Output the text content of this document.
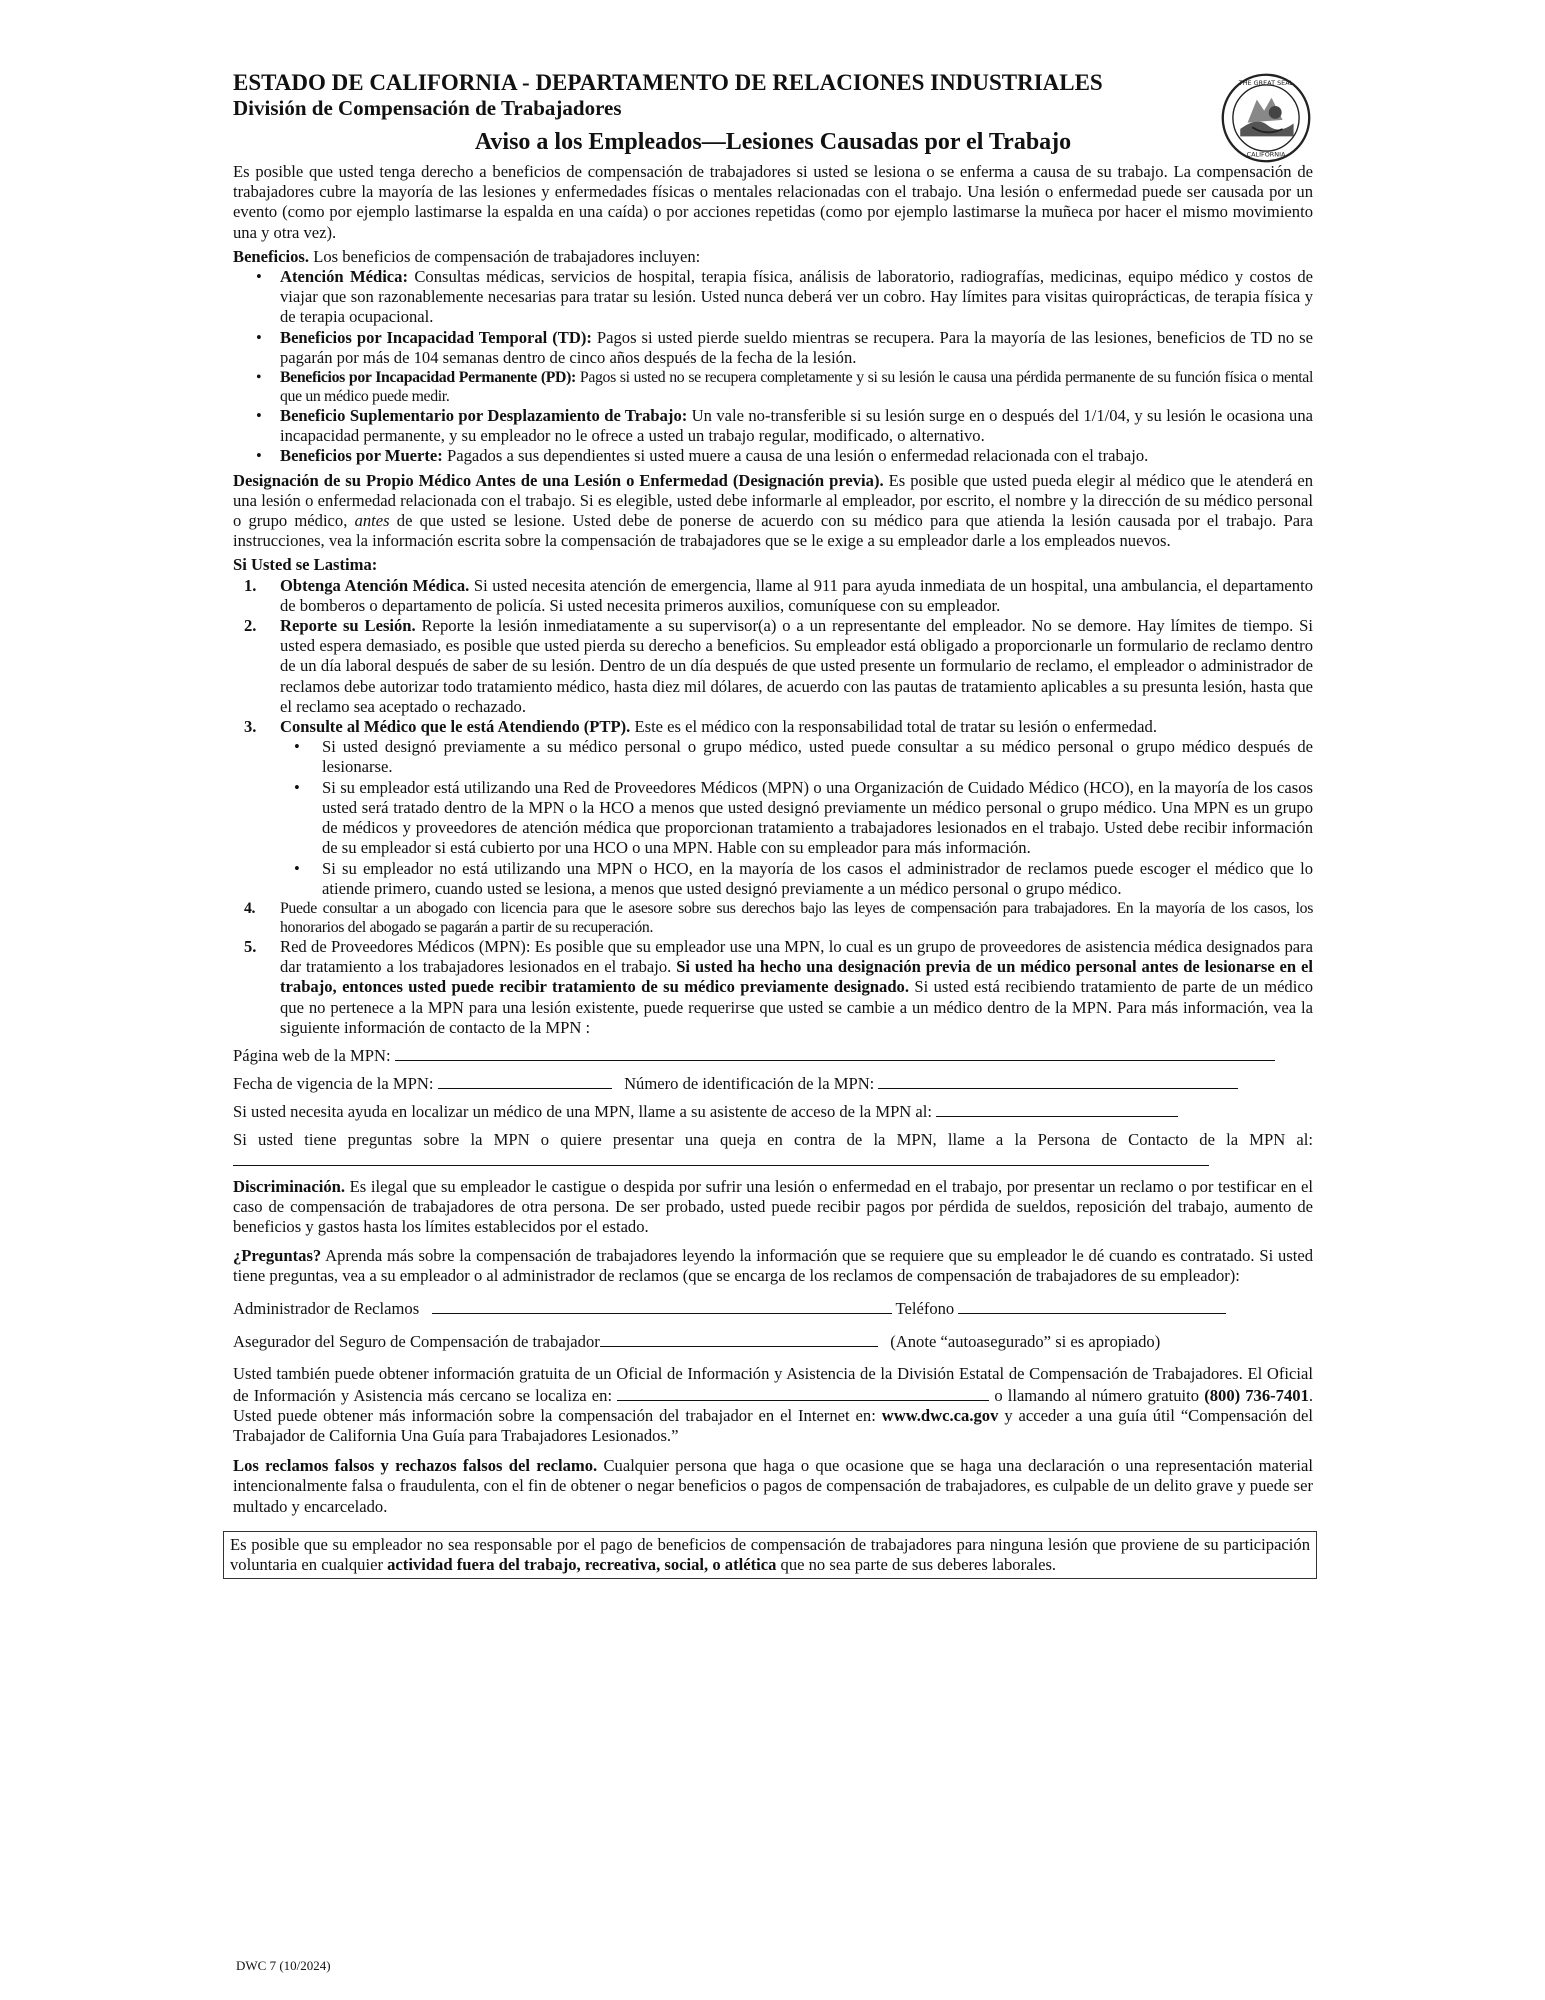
THE GREAT SEAL
CALIFORNIA
ESTADO DE CALIFORNIA - DEPARTAMENTO DE RELACIONES INDUSTRIALES
División de Compensación de Trabajadores
Aviso a los Empleados—Lesiones Causadas por el Trabajo

Es posible que usted tenga derecho a beneficios de compensación de trabajadores si usted se lesiona o se enferma a causa de su trabajo. La compensación de trabajadores cubre la mayoría de las lesiones y enfermedades físicas o mentales relacionadas con el trabajo. Una lesión o enfermedad puede ser causada por un evento (como por ejemplo lastimarse la espalda en una caída) o por acciones repetidas (como por ejemplo lastimarse la muñeca por hacer el mismo movimiento una y otra vez).

Beneficios. Los beneficios de compensación de trabajadores incluyen:

• Atención Médica: Consultas médicas, servicios de hospital, terapia física, análisis de laboratorio, radiografías, medicinas, equipo médico y costos de viajar que son razonablemente necesarias para tratar su lesión. Usted nunca deberá ver un cobro. Hay límites para visitas quiroprácticas, de terapia física y de terapia ocupacional.
• Beneficios por Incapacidad Temporal (TD): Pagos si usted pierde sueldo mientras se recupera. Para la mayoría de las lesiones, beneficios de TD no se pagarán por más de 104 semanas dentro de cinco años después de la fecha de la lesión.
• Beneficios por Incapacidad Permanente (PD): Pagos si usted no se recupera completamente y si su lesión le causa una pérdida permanente de su función física o mental que un médico puede medir.
• Beneficio Suplementario por Desplazamiento de Trabajo: Un vale no-transferible si su lesión surge en o después del 1/1/04, y su lesión le ocasiona una incapacidad permanente, y su empleador no le ofrece a usted un trabajo regular, modificado, o alternativo.
• Beneficios por Muerte: Pagados a sus dependientes si usted muere a causa de una lesión o enfermedad relacionada con el trabajo.

Designación de su Propio Médico Antes de una Lesión o Enfermedad (Designación previa). Es posible que usted pueda elegir al médico que le atenderá en una lesión o enfermedad relacionada con el trabajo. Si es elegible, usted debe informarle al empleador, por escrito, el nombre y la dirección de su médico personal o grupo médico, antes de que usted se lesione. Usted debe de ponerse de acuerdo con su médico para que atienda la lesión causada por el trabajo. Para instrucciones, vea la información escrita sobre la compensación de trabajadores que se le exige a su empleador darle a los empleados nuevos.

Si Usted se Lastima:

1. Obtenga Atención Médica. Si usted necesita atención de emergencia, llame al 911 para ayuda inmediata de un hospital, una ambulancia, el departamento de bomberos o departamento de policía. Si usted necesita primeros auxilios, comuníquese con su empleador.
2. Reporte su Lesión. Reporte la lesión inmediatamente a su supervisor(a) o a un representante del empleador. No se demore. Hay límites de tiempo. Si usted espera demasiado, es posible que usted pierda su derecho a beneficios. Su empleador está obligado a proporcionarle un formulario de reclamo dentro de un día laboral después de saber de su lesión. Dentro de un día después de que usted presente un formulario de reclamo, el empleador o administrador de reclamos debe autorizar todo tratamiento médico, hasta diez mil dólares, de acuerdo con las pautas de tratamiento aplicables a su presunta lesión, hasta que el reclamo sea aceptado o rechazado.
3. Consulte al Médico que le está Atendiendo (PTP). Este es el médico con la responsabilidad total de tratar su lesión o enfermedad.
• Si usted designó previamente a su médico personal o grupo médico, usted puede consultar a su médico personal o grupo médico después de lesionarse.
• Si su empleador está utilizando una Red de Proveedores Médicos (MPN) o una Organización de Cuidado Médico (HCO), en la mayoría de los casos usted será tratado dentro de la MPN o la HCO a menos que usted designó previamente un médico personal o grupo médico. Una MPN es un grupo de médicos y proveedores de atención médica que proporcionan tratamiento a trabajadores lesionados en el trabajo. Usted debe recibir información de su empleador si está cubierto por una HCO o una MPN. Hable con su empleador para más información.
• Si su empleador no está utilizando una MPN o HCO, en la mayoría de los casos el administrador de reclamos puede escoger el médico que lo atiende primero, cuando usted se lesiona, a menos que usted designó previamente a un médico personal o grupo médico.
4. Puede consultar a un abogado con licencia para que le asesore sobre sus derechos bajo las leyes de compensación para trabajadores. En la mayoría de los casos, los honorarios del abogado se pagarán a partir de su recuperación.
5. Red de Proveedores Médicos (MPN): Es posible que su empleador use una MPN, lo cual es un grupo de proveedores de asistencia médica designados para dar tratamiento a los trabajadores lesionados en el trabajo. Si usted ha hecho una designación previa de un médico personal antes de lesionarse en el trabajo, entonces usted puede recibir tratamiento de su médico previamente designado. Si usted está recibiendo tratamiento de parte de un médico que no pertenece a la MPN para una lesión existente, puede requerirse que usted se cambie a un médico dentro de la MPN. Para más información, vea la siguiente información de contacto de la MPN :
Página web de la MPN:
Fecha de vigencia de la MPN:	Número de identificación de la MPN:
Si usted necesita ayuda en localizar un médico de una MPN, llame a su asistente de acceso de la MPN al:

Si usted tiene preguntas sobre la MPN o quiere presentar una queja en contra de la MPN, llame a la Persona de Contacto de la MPN al:

Discriminación. Es ilegal que su empleador le castigue o despida por sufrir una lesión o enfermedad en el trabajo, por presentar un reclamo o por testificar en el caso de compensación de trabajadores de otra persona. De ser probado, usted puede recibir pagos por pérdida de sueldos, reposición del trabajo, aumento de beneficios y gastos hasta los límites establecidos por el estado.

¿Preguntas? Aprenda más sobre la compensación de trabajadores leyendo la información que se requiere que su empleador le dé cuando es contratado. Si usted tiene preguntas, vea a su empleador o al administrador de reclamos (que se encarga de los reclamos de compensación de trabajadores de su empleador):

Administrador de Reclamos	Teléfono
Asegurador del Seguro de Compensación de trabajador	(Anote “autoasegurado” si es apropiado)

Usted también puede obtener información gratuita de un Oficial de Información y Asistencia de la División Estatal de Compensación de Trabajadores. El Oficial de Información y Asistencia más cercano se localiza en:	o llamando al número gratuito (800) 736-7401. Usted puede obtener más información sobre la compensación del trabajador en el Internet en: www.dwc.ca.gov y acceder a una guía útil “Compensación del Trabajador de California Una Guía para Trabajadores Lesionados.”

Los reclamos falsos y rechazos falsos del reclamo. Cualquier persona que haga o que ocasione que se haga una declaración o una representación material intencionalmente falsa o fraudulenta, con el fin de obtener o negar beneficios o pagos de compensación de trabajadores, es culpable de un delito grave y puede ser multado y encarcelado.

Es posible que su empleador no sea responsable por el pago de beneficios de compensación de trabajadores para ninguna lesión que proviene de su participación voluntaria en cualquier actividad fuera del trabajo, recreativa, social, o atlética que no sea parte de sus deberes laborales.

DWC 7 (10/2024)
